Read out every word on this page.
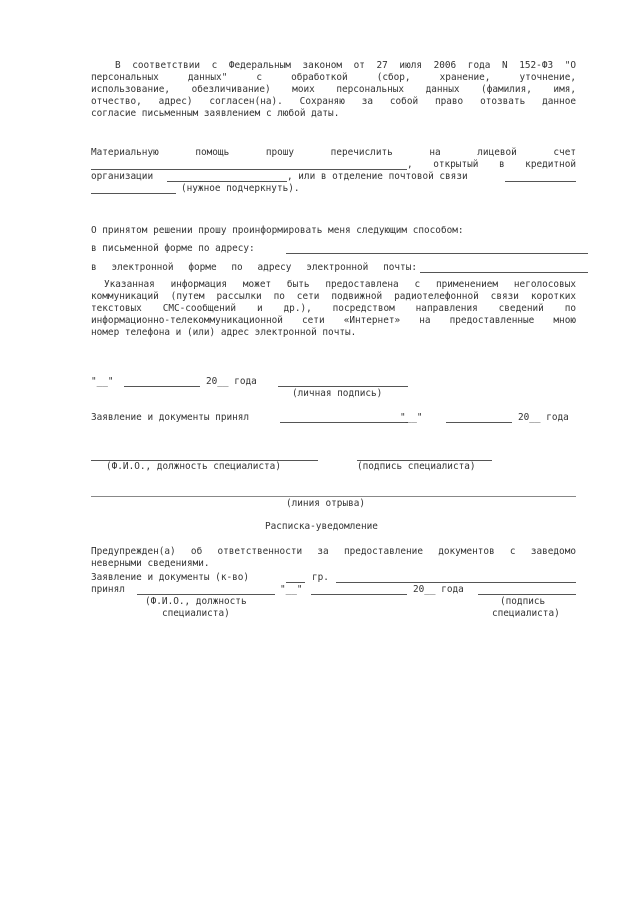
В соответствии с Федеральным законом от 27 июля 2006 года N 152-ФЗ "О
персональных данных" с обработкой (сбор, хранение, уточнение,
использование, обезличивание) моих персональных данных (фамилия, имя,
отчество, адрес) согласен(на). Сохраняю за собой право отозвать данное
согласие письменным заявлением с любой даты.
Материальную помощь прошу перечислить на лицевой счет
, открытый в кредитной
организации	, или в отделение почтовой связи
(нужное подчеркнуть).
О принятом решении прошу проинформировать меня следующим способом:
в письменной форме по адресу:
в электронной форме по адресу электронной почты:
Указанная информация может быть предоставлена с применением неголосовых
коммуникаций (путем рассылки по сети подвижной радиотелефонной связи коротких
текстовых СМС-сообщений и др.), посредством направления сведений по
информационно-телекоммуникационной сети «Интернет» на предоставленные мною
номер телефона и (или) адрес электронной почты.
"__"	20__ года
(личная подпись)
Заявление и документы принял	"__"	20__ года
(Ф.И.О., должность специалиста)	(подпись специалиста)
(линия отрыва)
Расписка-уведомление
Предупрежден(а) об ответственности за предоставление документов с заведомо
неверными сведениями.
Заявление и документы (к-во)	гр.
принял	"__"	20__ года
(Ф.И.О., должность
специалиста)
(подпись
специалиста)
